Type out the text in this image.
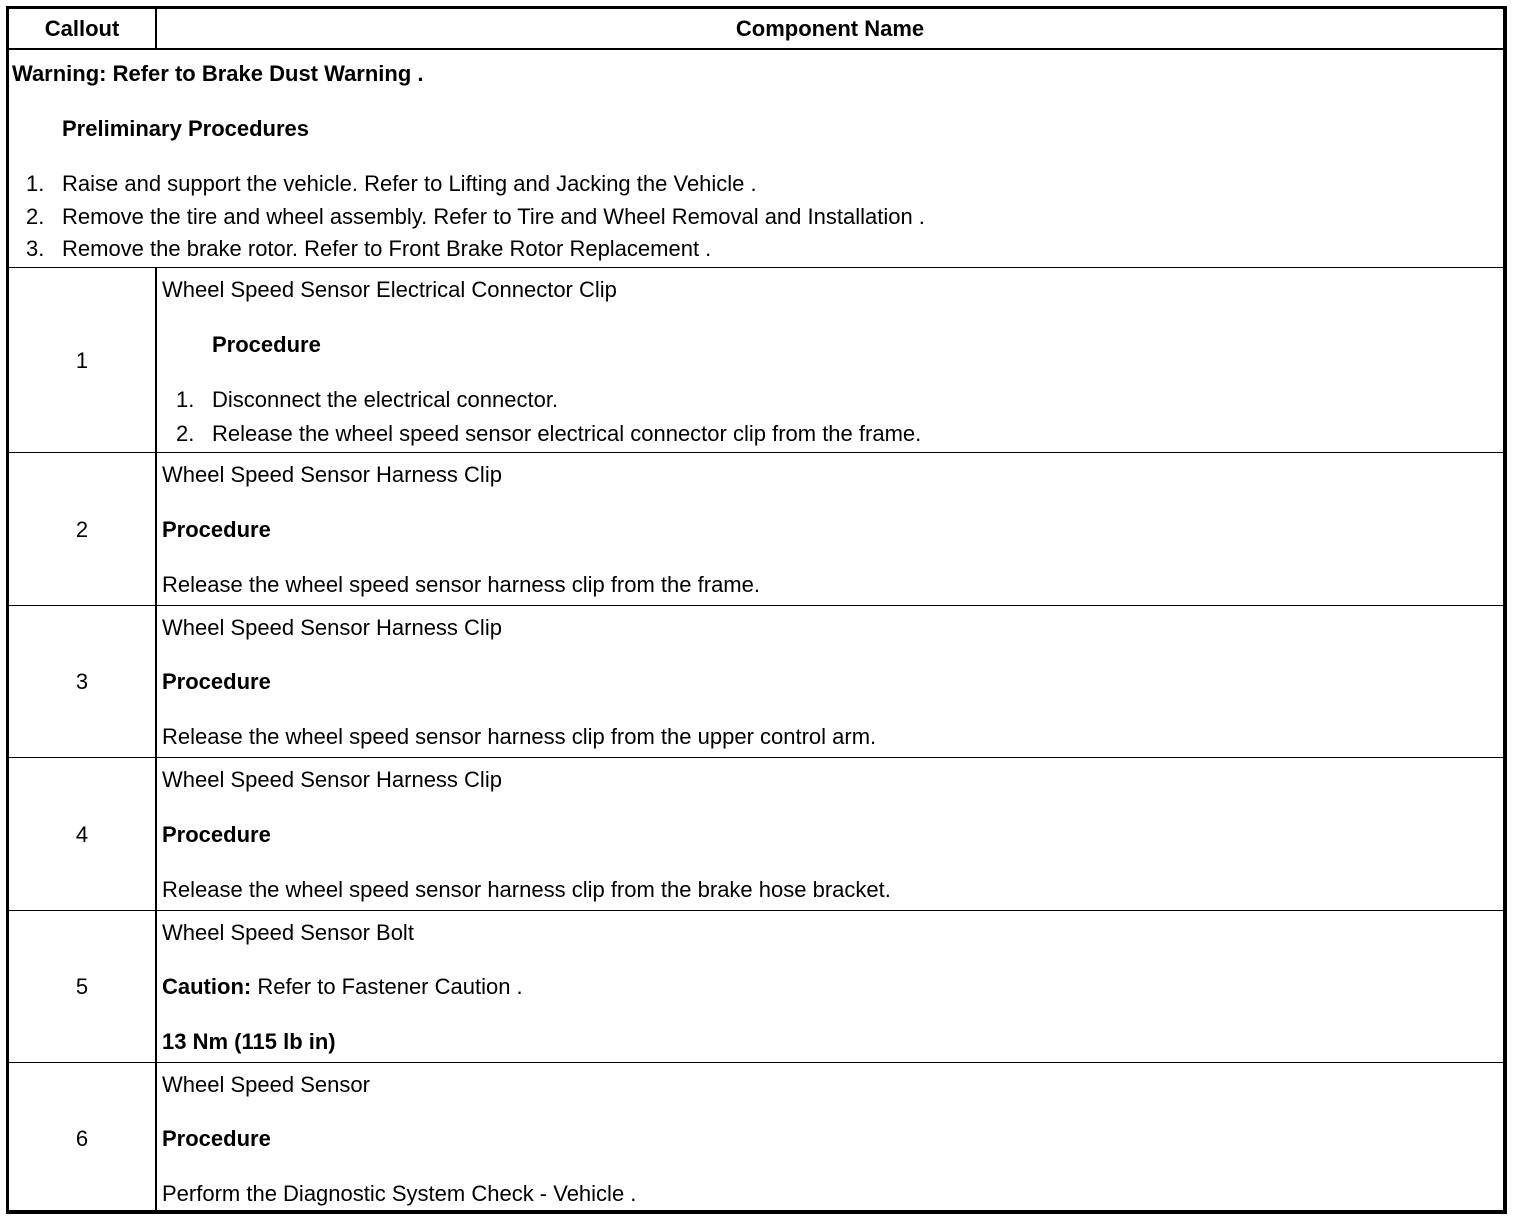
Callout	Component Name
Warning: Refer to Brake Dust Warning .
Preliminary Procedures
1. Raise and support the vehicle. Refer to Lifting and Jacking the Vehicle .
2. Remove the tire and wheel assembly. Refer to Tire and Wheel Removal and Installation .
3. Remove the brake rotor. Refer to Front Brake Rotor Replacement .
1
Wheel Speed Sensor Electrical Connector Clip
Procedure
1. Disconnect the electrical connector.
2. Release the wheel speed sensor electrical connector clip from the frame.
2
Wheel Speed Sensor Harness Clip
Procedure
Release the wheel speed sensor harness clip from the frame.
3
Wheel Speed Sensor Harness Clip
Procedure
Release the wheel speed sensor harness clip from the upper control arm.
4
Wheel Speed Sensor Harness Clip
Procedure
Release the wheel speed sensor harness clip from the brake hose bracket.
5
Wheel Speed Sensor Bolt
Caution: Refer to Fastener Caution .
13 Nm (115 lb in)
6
Wheel Speed Sensor
Procedure
Perform the Diagnostic System Check - Vehicle .
